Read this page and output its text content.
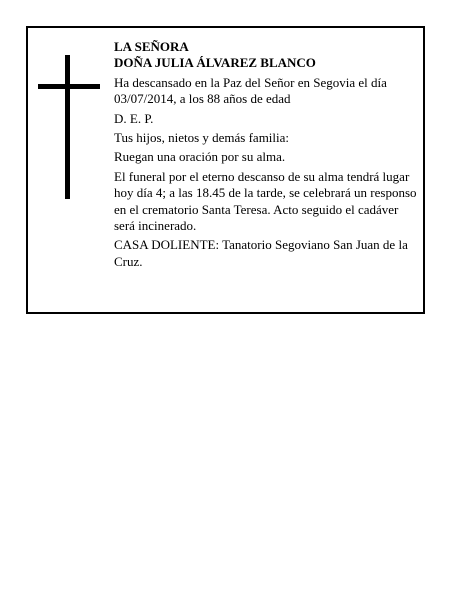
LA SEÑORA

DOÑA JULIA ÁLVAREZ BLANCO

Ha descansado en la Paz del Señor en Segovia el día 03/07/2014, a los 88 años de edad

D. E. P.

Tus hijos, nietos y demás familia:

Ruegan una oración por su alma.

El funeral por el eterno descanso de su alma tendrá lugar hoy día 4; a las 18.45 de la tarde, se celebrará un responso en el crematorio Santa Teresa. Acto seguido el cadáver será incinerado.

CASA DOLIENTE: Tanatorio Segoviano San Juan de la Cruz.
